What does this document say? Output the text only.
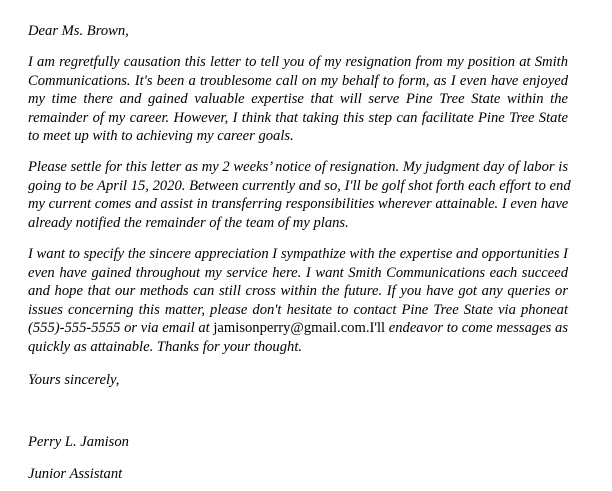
Dear Ms. Brown,
I am regretfully causation this letter to tell you of my resignation from my position at Smith
Communications. It's been a troublesome call on my behalf to form, as I even have enjoyed
my time there and gained valuable expertise that will serve Pine Tree State within the
remainder of my career. However, I think that taking this step can facilitate Pine Tree State
to meet up with to achieving my career goals.
Please settle for this letter as my 2 weeks’ notice of resignation. My judgment day of labor is
going to be April 15, 2020. Between currently and so, I'll be golf shot forth each effort to end
my current comes and assist in transferring responsibilities wherever attainable. I even have
already notified the remainder of the team of my plans.
I want to specify the sincere appreciation I sympathize with the expertise and opportunities I
even have gained throughout my service here. I want Smith Communications each succeed
and hope that our methods can still cross within the future. If you have got any queries or
issues concerning this matter, please don't hesitate to contact Pine Tree State via phoneat
(555)-555-5555 or via email at jamisonperry@gmail.com.I'll endeavor to come messages as
quickly as attainable. Thanks for your thought.
Yours sincerely,
Perry L. Jamison
Junior Assistant
